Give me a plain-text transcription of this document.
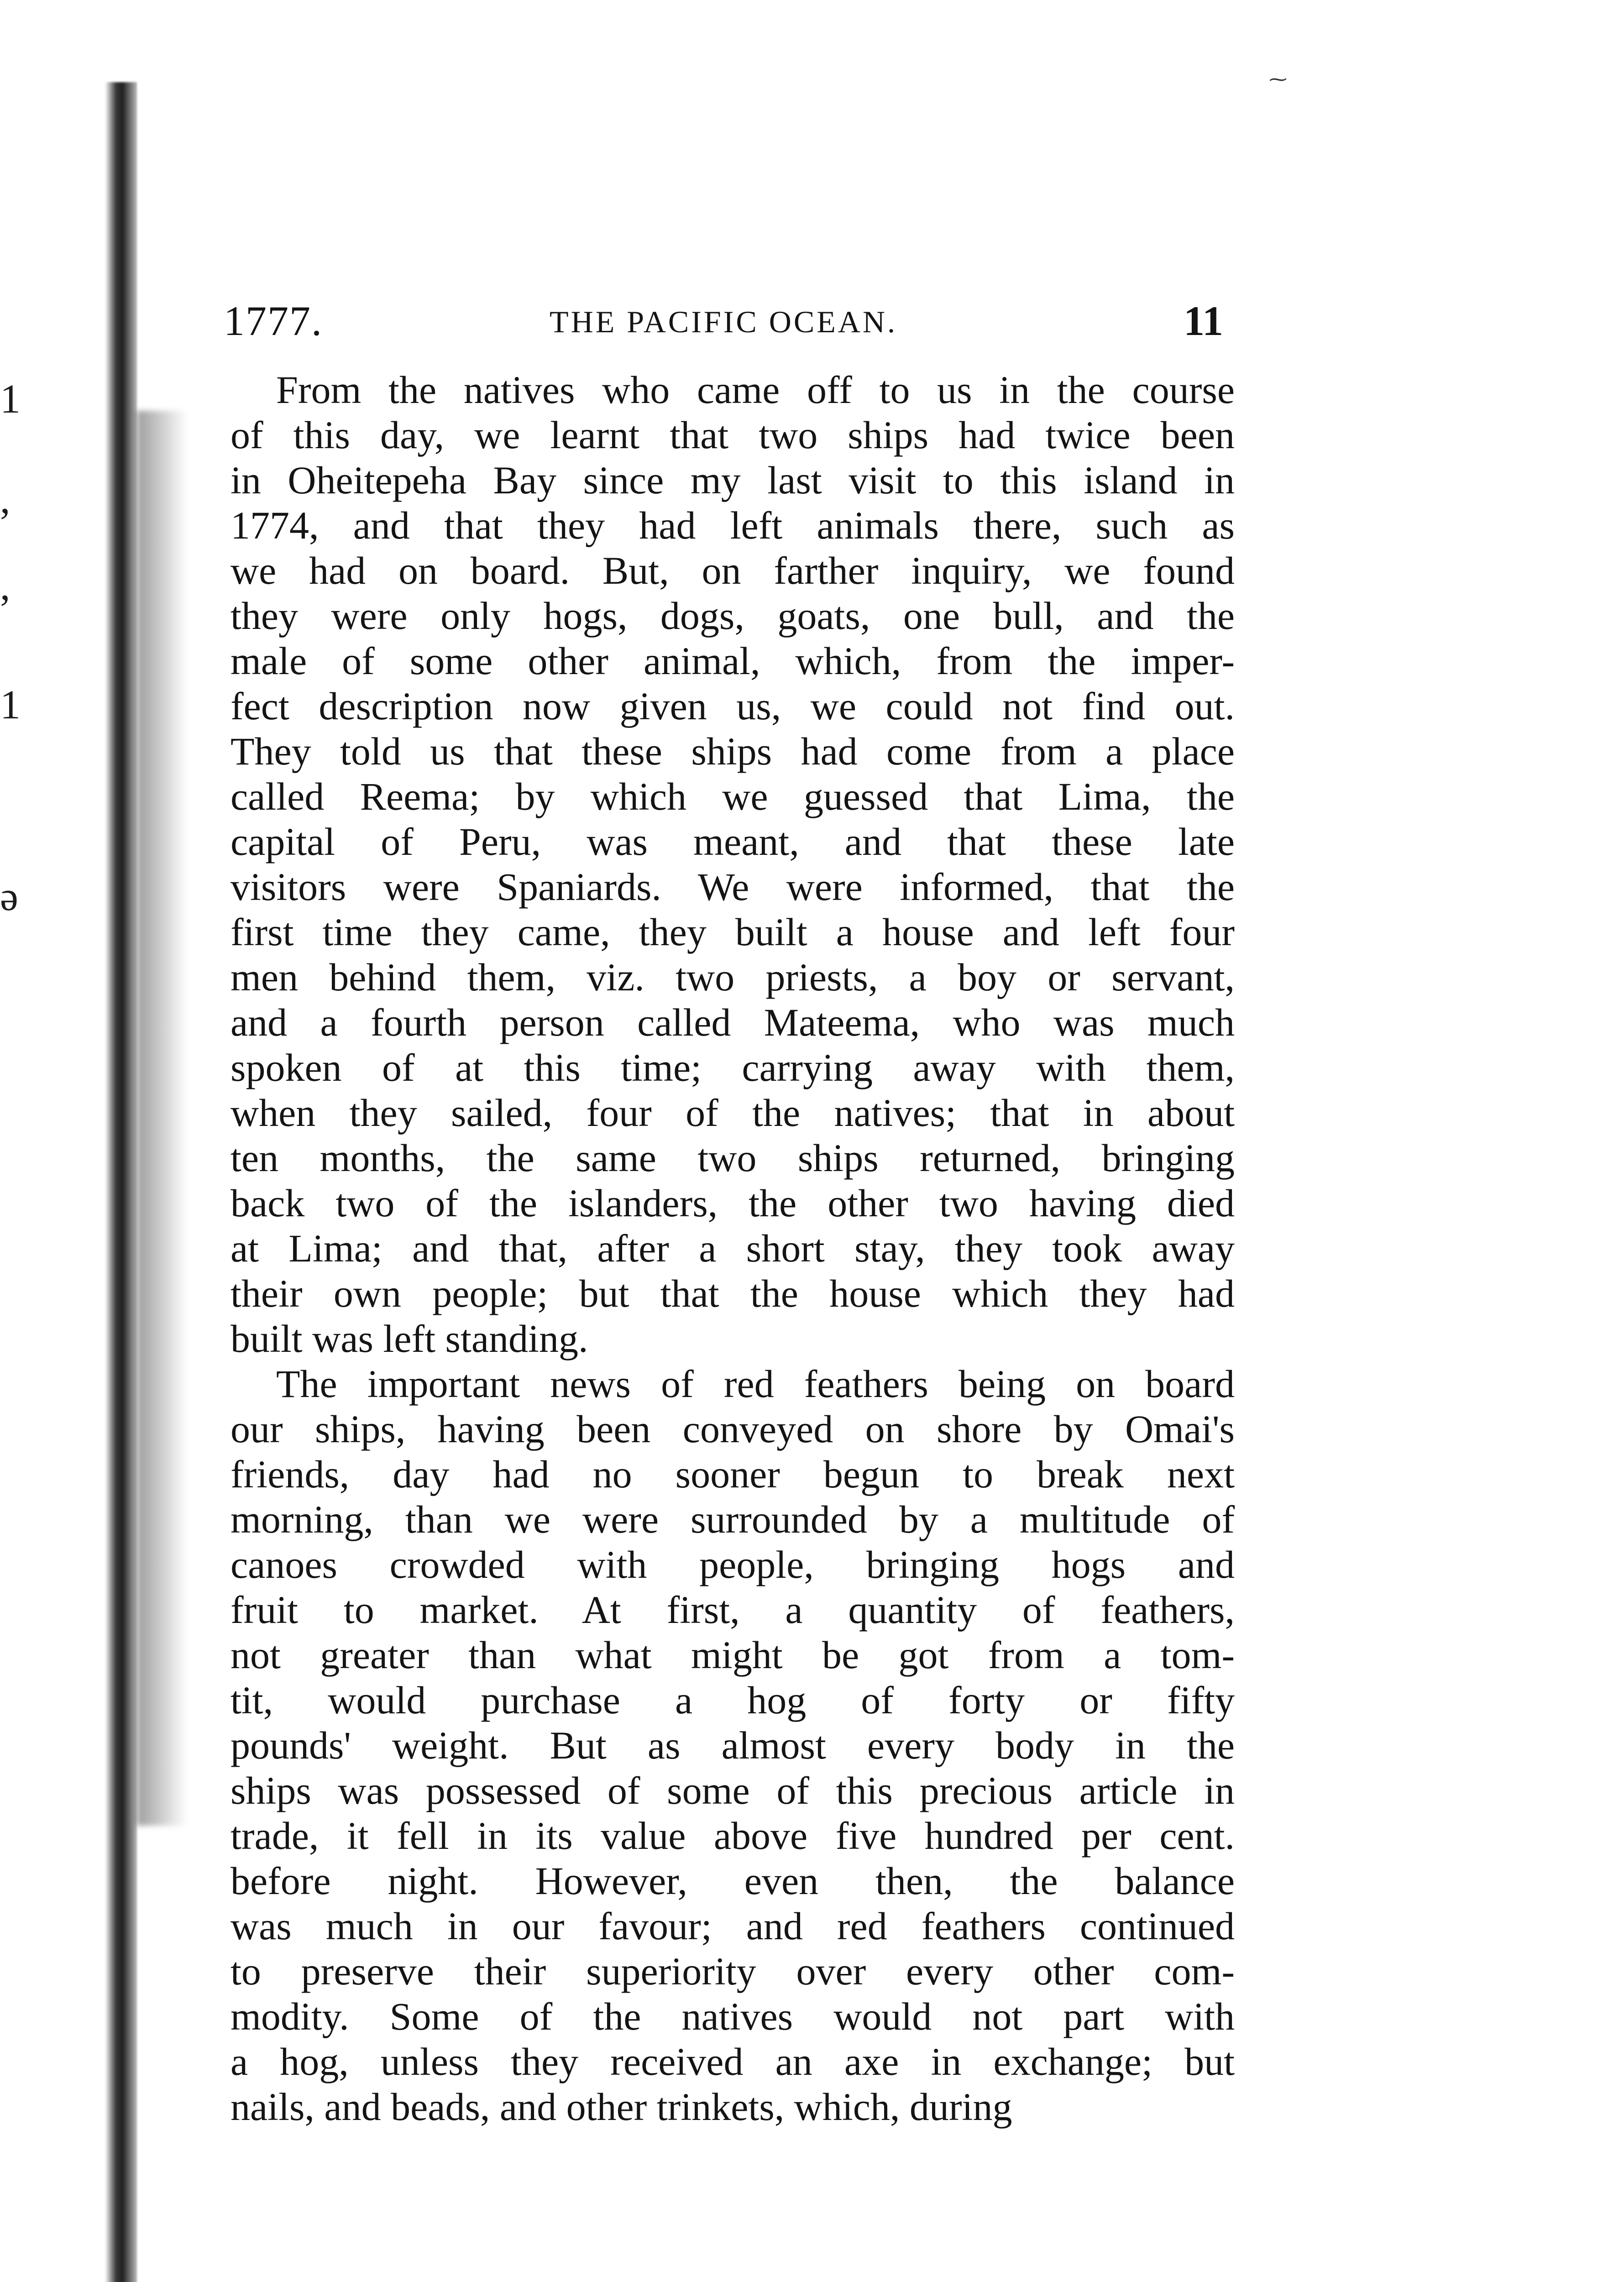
1
,
,
1
ə
⁓
1777.	THE PACIFIC OCEAN.	11
From the natives who came off to us in the course
of this day, we learnt that two ships had twice been
in Oheitepeha Bay since my last visit to this island in
1774, and that they had left animals there, such as
we had on board. But, on farther inquiry, we found
they were only hogs, dogs, goats, one bull, and the
male of some other animal, which, from the imper-
fect description now given us, we could not find out.
They told us that these ships had come from a place
called Reema; by which we guessed that Lima, the
capital of Peru, was meant, and that these late
visitors were Spaniards. We were informed, that the
first time they came, they built a house and left four
men behind them, viz. two priests, a boy or servant,
and a fourth person called Mateema, who was much
spoken of at this time; carrying away with them,
when they sailed, four of the natives; that in about
ten months, the same two ships returned, bringing
back two of the islanders, the other two having died
at Lima; and that, after a short stay, they took away
their own people; but that the house which they had
built was left standing.
The important news of red feathers being on board
our ships, having been conveyed on shore by Omai's
friends, day had no sooner begun to break next
morning, than we were surrounded by a multitude of
canoes crowded with people, bringing hogs and
fruit to market. At first, a quantity of feathers,
not greater than what might be got from a tom-
tit, would purchase a hog of forty or fifty
pounds' weight. But as almost every body in the
ships was possessed of some of this precious article in
trade, it fell in its value above five hundred per cent.
before night. However, even then, the balance
was much in our favour; and red feathers continued
to preserve their superiority over every other com-
modity. Some of the natives would not part with
a hog, unless they received an axe in exchange; but
nails, and beads, and other trinkets, which, during
